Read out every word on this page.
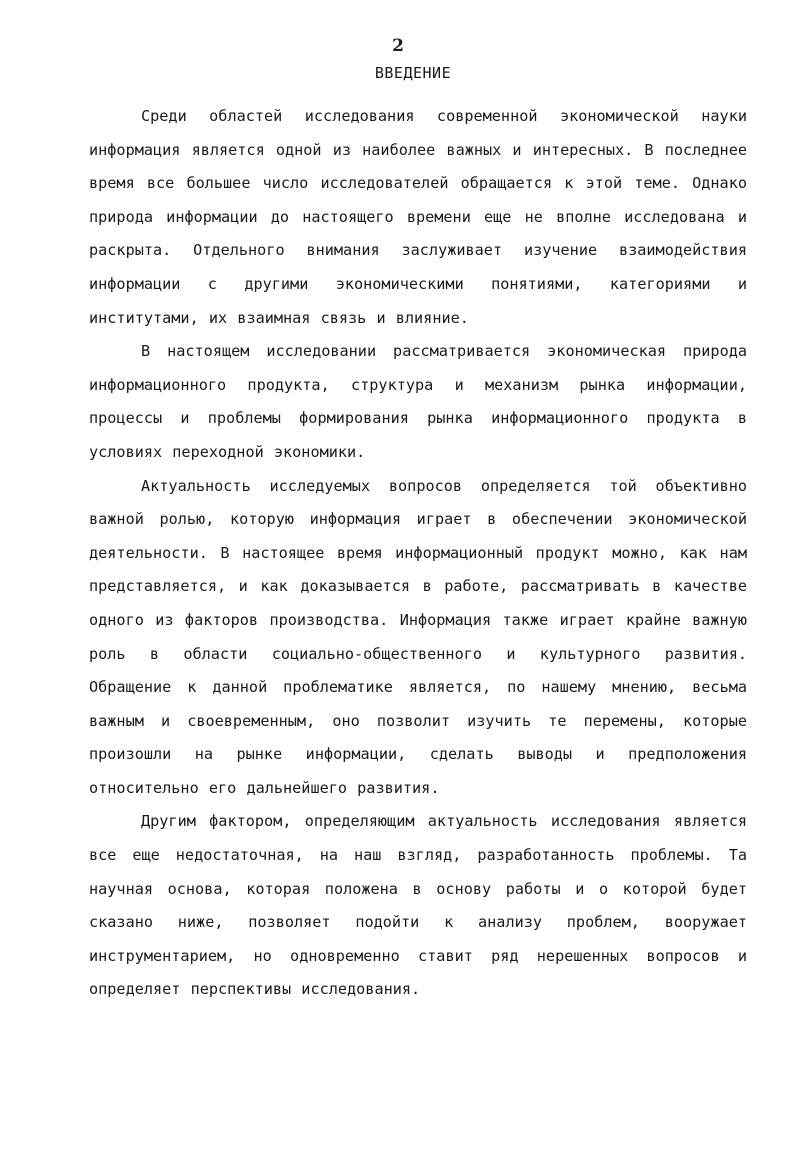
2
ВВЕДЕНИЕ

Среди областей исследования современной экономической науки информация является одной из наиболее важных и интересных. В последнее время все большее число исследователей обращается к этой теме. Однако природа информации до настоящего времени еще не вполне исследована и раскрыта. Отдельного внимания заслуживает изучение взаимодействия информации с другими экономическими понятиями, категориями и институтами, их взаимная связь и влияние.

В настоящем исследовании рассматривается экономическая природа информационного продукта, структура и механизм рынка информации, процессы и проблемы формирования рынка информационного продукта в условиях переходной экономики.

Актуальность исследуемых вопросов определяется той объективно важной ролью, которую информация играет в обеспечении экономической деятельности. В настоящее время информационный продукт можно, как нам представляется, и как доказывается в работе, рассматривать в качестве одного из факторов производства. Информация также играет крайне важную роль в области социально-общественного и культурного развития. Обращение к данной проблематике является, по нашему мнению, весьма важным и своевременным, оно позволит изучить те перемены, которые произошли на рынке информации, сделать выводы и предположения относительно его дальнейшего развития.

Другим фактором, определяющим актуальность исследования является все еще недостаточная, на наш взгляд, разработанность проблемы. Та научная основа, которая положена в основу работы и о которой будет сказано ниже, позволяет подойти к анализу проблем, вооружает инструментарием, но одновременно ставит ряд нерешенных вопросов и определяет перспективы исследования.
